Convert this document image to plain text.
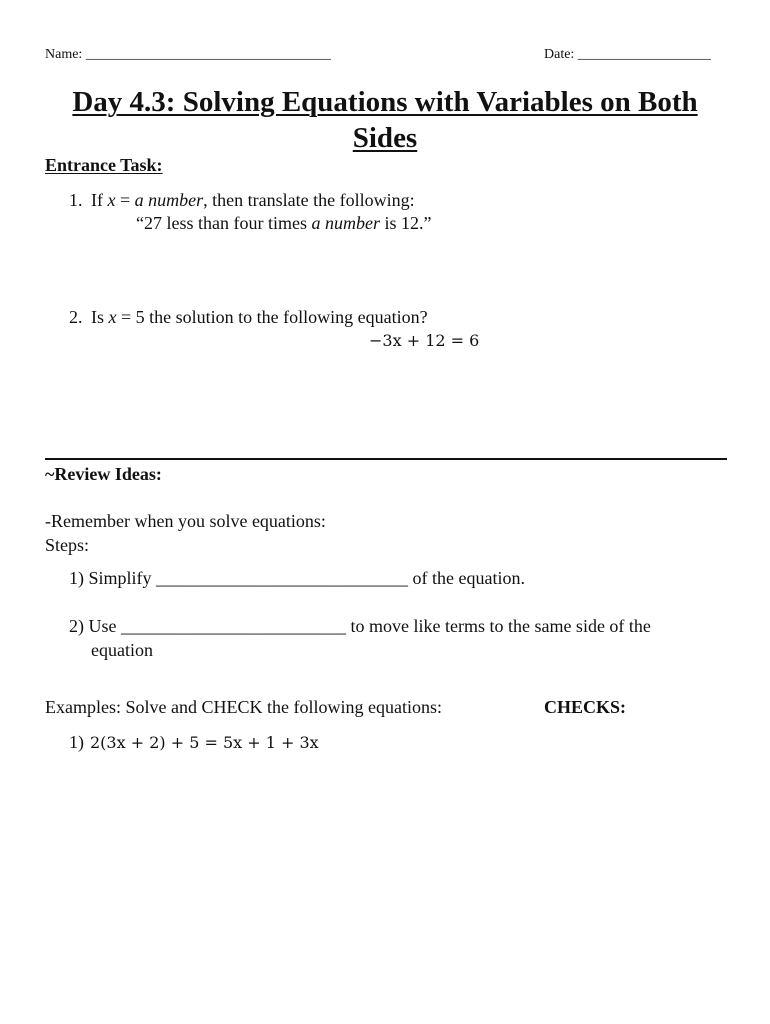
Name: ___________________________________	Date: ___________________
Day 4.3: Solving Equations with Variables on Both
Sides
Entrance Task:
1. If x = a number, then translate the following:
“27 less than four times a number is 12.”
2. Is x = 5 the solution to the following equation?
−3x + 12 = 6
~Review Ideas:
-Remember when you solve equations:
Steps:
1) Simplify ____________________________ of the equation.
2) Use _________________________ to move like terms to the same side of the
equation
Examples: Solve and CHECK the following equations:	CHECKS:
1) 2(3x + 2) + 5 = 5x + 1 + 3x
